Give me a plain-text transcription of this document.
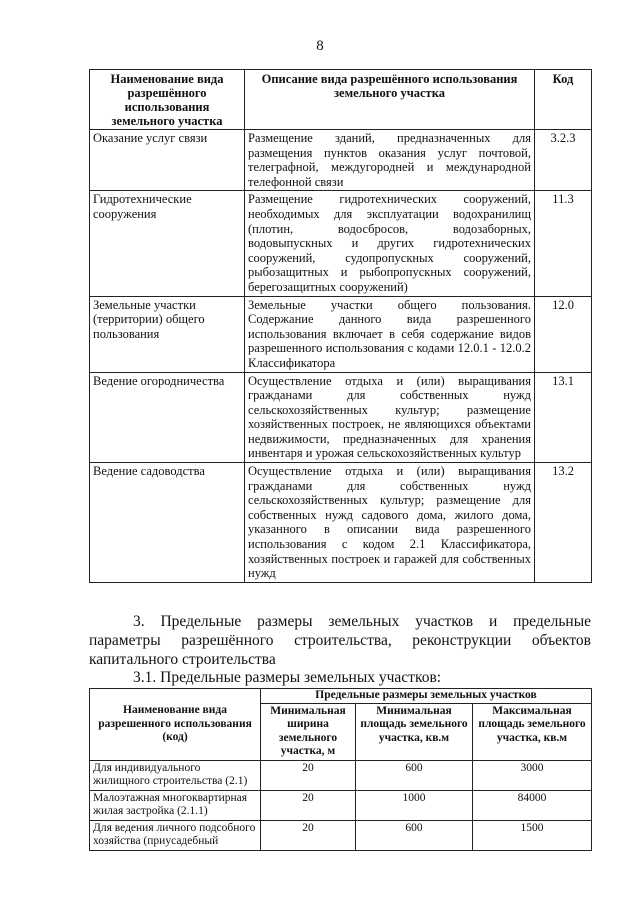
8
Наименование вида разрешённого использования земельного участка	Описание вида разрешённого использования земельного участка	Код
Оказание услуг связи	Размещение зданий, предназначенных для размещения пунктов оказания услуг почтовой, телеграфной, междугородней и международной телефонной связи	3.2.3
Гидротехнические сооружения	Размещение гидротехнических сооружений, необходимых для эксплуатации водохранилищ (плотин, водосбросов, водозаборных, водовыпускных и других гидротехнических сооружений, судопропускных сооружений, рыбозащитных и рыбопропускных сооружений, берегозащитных сооружений)	11.3
Земельные участки (территории) общего пользования	Земельные участки общего пользования. Содержание данного вида разрешенного использования включает в себя содержание видов разрешенного использования с кодами 12.0.1 - 12.0.2 Классификатора	12.0
Ведение огородничества	Осуществление отдыха и (или) выращивания гражданами для собственных нужд сельскохозяйственных культур; размещение хозяйственных построек, не являющихся объектами недвижимости, предназначенных для хранения инвентаря и урожая сельскохозяйственных культур	13.1
Ведение садоводства	Осуществление отдыха и (или) выращивания гражданами для собственных нужд сельскохозяйственных культур; размещение для собственных нужд садового дома, жилого дома, указанного в описании вида разрешенного использования с кодом 2.1 Классификатора, хозяйственных построек и гаражей для собственных нужд	13.2
3. Предельные размеры земельных участков и предельные параметры разрешённого строительства, реконструкции объектов капитального строительства
3.1. Предельные размеры земельных участков:
Наименование вида разрешенного использования (код)	Предельные размеры земельных участков		
	Минимальная ширина земельного участка, м	Минимальная площадь земельного участка, кв.м	Максимальная площадь земельного участка, кв.м
Для индивидуального жилищного строительства (2.1)	20	600	3000
Малоэтажная многоквартирная жилая застройка (2.1.1)	20	1000	84000
Для ведения личного подсобного хозяйства (приусадебный	20	600	1500
